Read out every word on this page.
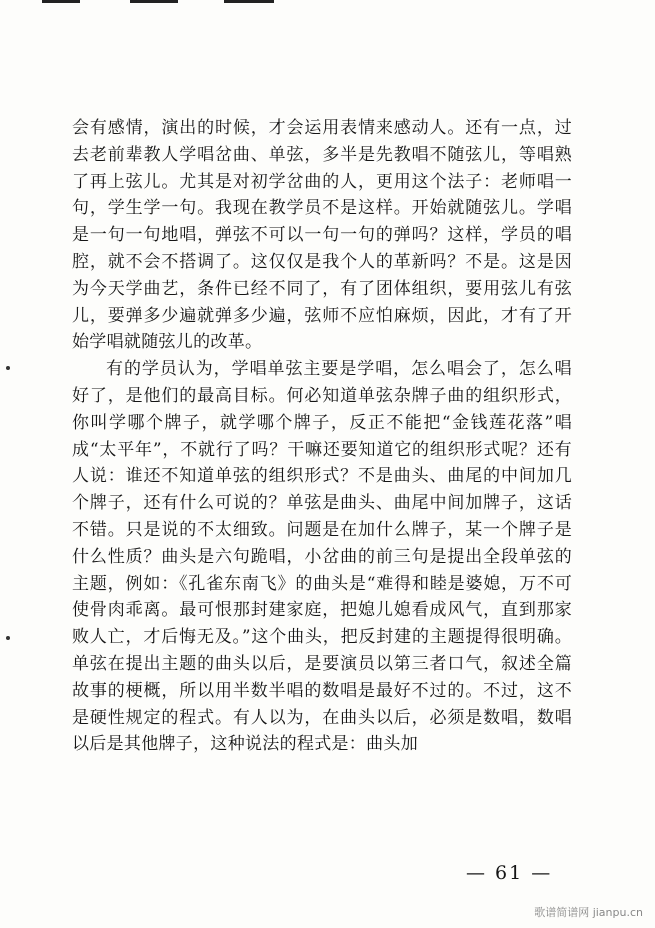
会有感情，演出的时候，才会运用表情来感动人。还有一点，过去老前辈教人学唱岔曲、单弦，多半是先教唱不随弦儿，等唱熟了再上弦儿。尤其是对初学岔曲的人，更用这个法子：老师唱一句，学生学一句。我现在教学员不是这样。开始就随弦儿。学唱是一句一句地唱，弹弦不可以一句一句的弹吗？这样，学员的唱腔，就不会不搭调了。这仅仅是我个人的革新吗？不是。这是因为今天学曲艺，条件已经不同了，有了团体组织，要用弦儿有弦儿，要弹多少遍就弹多少遍，弦师不应怕麻烦，因此，才有了开始学唱就随弦儿的改革。

有的学员认为，学唱单弦主要是学唱，怎么唱会了，怎么唱好了，是他们的最高目标。何必知道单弦杂牌子曲的组织形式，你叫学哪个牌子，就学哪个牌子，反正不能把“金钱莲花落”唱成“太平年”，不就行了吗？干嘛还要知道它的组织形式呢？还有人说：谁还不知道单弦的组织形式？不是曲头、曲尾的中间加几个牌子，还有什么可说的？单弦是曲头、曲尾中间加牌子，这话不错。只是说的不太细致。问题是在加什么牌子，某一个牌子是什么性质？曲头是六句跪唱，小岔曲的前三句是提出全段单弦的主题，例如：《孔雀东南飞》的曲头是“难得和睦是婆媳，万不可使骨肉乖离。最可恨那封建家庭，把媳儿媳看成风气，直到那家败人亡，才后悔无及。”这个曲头，把反封建的主题提得很明确。单弦在提出主题的曲头以后，是要演员以第三者口气，叙述全篇故事的梗概，所以用半数半唱的数唱是最好不过的。不过，这不是硬性规定的程式。有人以为，在曲头以后，必须是数唱，数唱以后是其他牌子，这种说法的程式是：曲头加

— 61 —
歌谱简谱网 jianpu.cn
